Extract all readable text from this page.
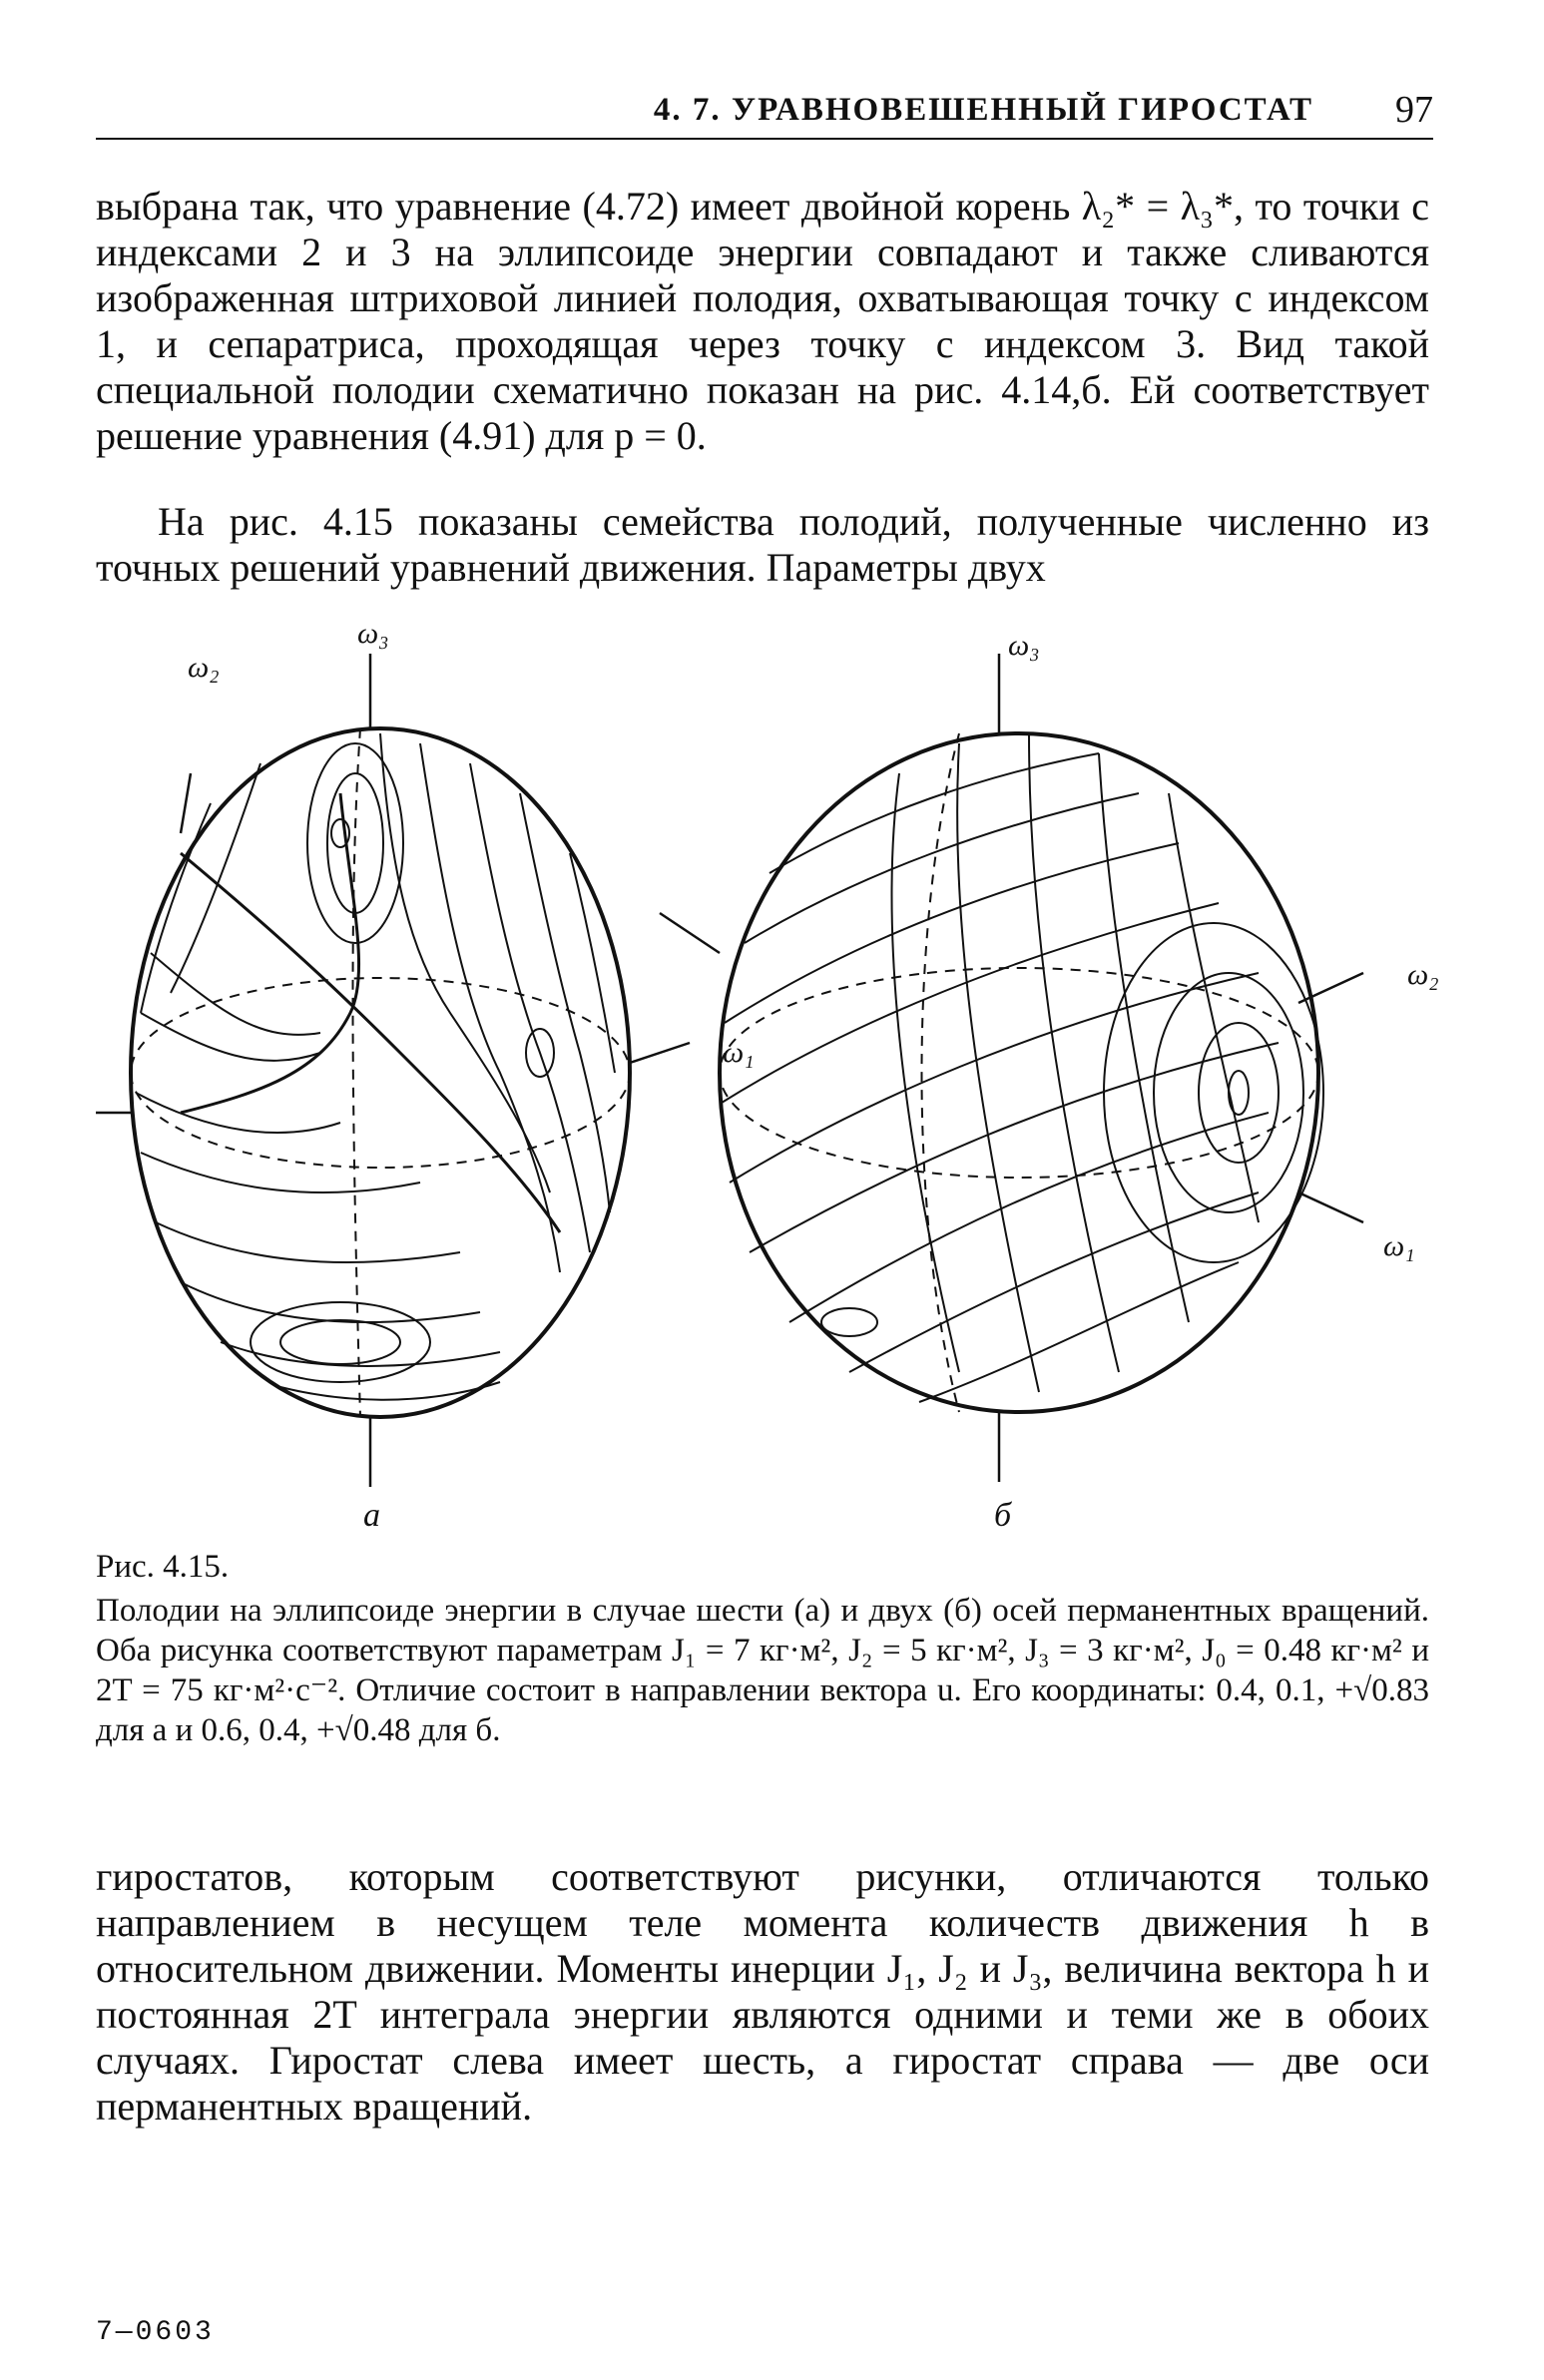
4. 7. УРАВНОВЕШЕННЫЙ ГИРОСТАТ 97

выбрана так, что уравнение (4.72) имеет двойной корень λ₂* = λ₃*, то точки с индексами 2 и 3 на эллипсоиде энергии совпадают и также сливаются изображенная штриховой линией полодия, охватывающая точку с индексом 1, и сепаратриса, проходящая через точку с индексом 3. Вид такой специальной полодии схематично показан на рис. 4.14,б. Ей соответствует решение уравнения (4.91) для p = 0.

На рис. 4.15 показаны семейства полодий, полученные численно из точных решений уравнений движения. Параметры двух

ω₃
ω₂
ω₁
а
ω₃
ω₂
ω₁
б

Рис. 4.15.
Полодии на эллипсоиде энергии в случае шести (а) и двух (б) осей перманентных вращений. Оба рисунка соответствуют параметрам J₁ = 7 кг·м², J₂ = 5 кг·м², J₃ = 3 кг·м², J₀ = 0.48 кг·м² и 2T = 75 кг·м²·с⁻². Отличие состоит в направлении вектора u. Его координаты: 0.4, 0.1, +√0.83 для а и 0.6, 0.4, +√0.48 для б.

гиростатов, которым соответствуют рисунки, отличаются только направлением в несущем теле момента количеств движения h в относительном движении. Моменты инерции J₁, J₂ и J₃, величина вектора h и постоянная 2T интеграла энергии являются одними и теми же в обоих случаях. Гиростат слева имеет шесть, а гиростат справа — две оси перманентных вращений.

7—0603
